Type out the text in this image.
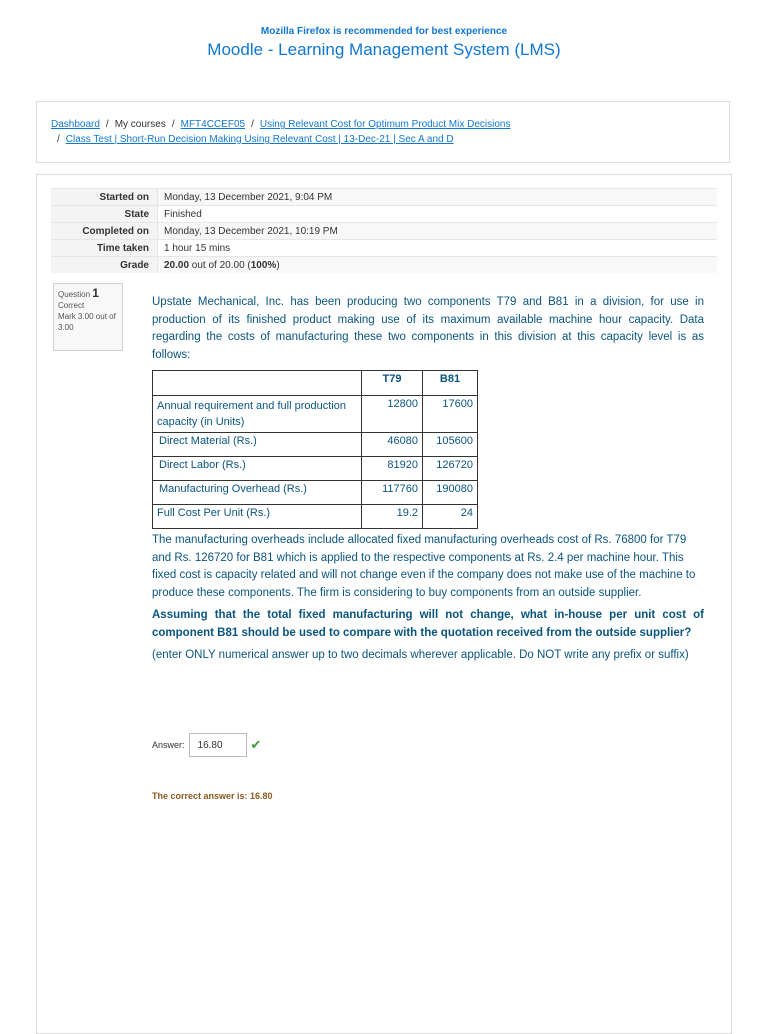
Mozilla Firefox is recommended for best experience
Moodle - Learning Management System (LMS)
Dashboard / My courses / MFT4CCEF05 / Using Relevant Cost for Optimum Product Mix Decisions
/ Class Test | Short-Run Decision Making Using Relevant Cost | 13-Dec-21 | Sec A and D
Started on	Monday, 13 December 2021, 9:04 PM
State	Finished
Completed on	Monday, 13 December 2021, 10:19 PM
Time taken	1 hour 15 mins
Grade	20.00 out of 20.00 (100%)
Question 1
Correct
Mark 3.00 out of 3.00

Upstate Mechanical, Inc. has been producing two components T79 and B81 in a division, for use in production of its finished product making use of its maximum available machine hour capacity. Data regarding the costs of manufacturing these two components in this division at this capacity level is as follows:

	T79	B81
Annual requirement and full production capacity (in Units)	12800	17600
Direct Material (Rs.)	46080	105600
Direct Labor (Rs.)	81920	126720
Manufacturing Overhead (Rs.)	117760	190080
Full Cost Per Unit (Rs.)	19.2	24

The manufacturing overheads include allocated fixed manufacturing overheads cost of Rs. 76800 for T79 and Rs. 126720 for B81 which is applied to the respective components at Rs. 2.4 per machine hour. This fixed cost is capacity related and will not change even if the company does not make use of the machine to produce these components. The firm is considering to buy components from an outside supplier.

Assuming that the total fixed manufacturing will not change, what in-house per unit cost of component B81 should be used to compare with the quotation received from the outside supplier?

(enter ONLY numerical answer up to two decimals wherever applicable. Do NOT write any prefix or suffix)

Answer:
16.80	✔
The correct answer is: 16.80
